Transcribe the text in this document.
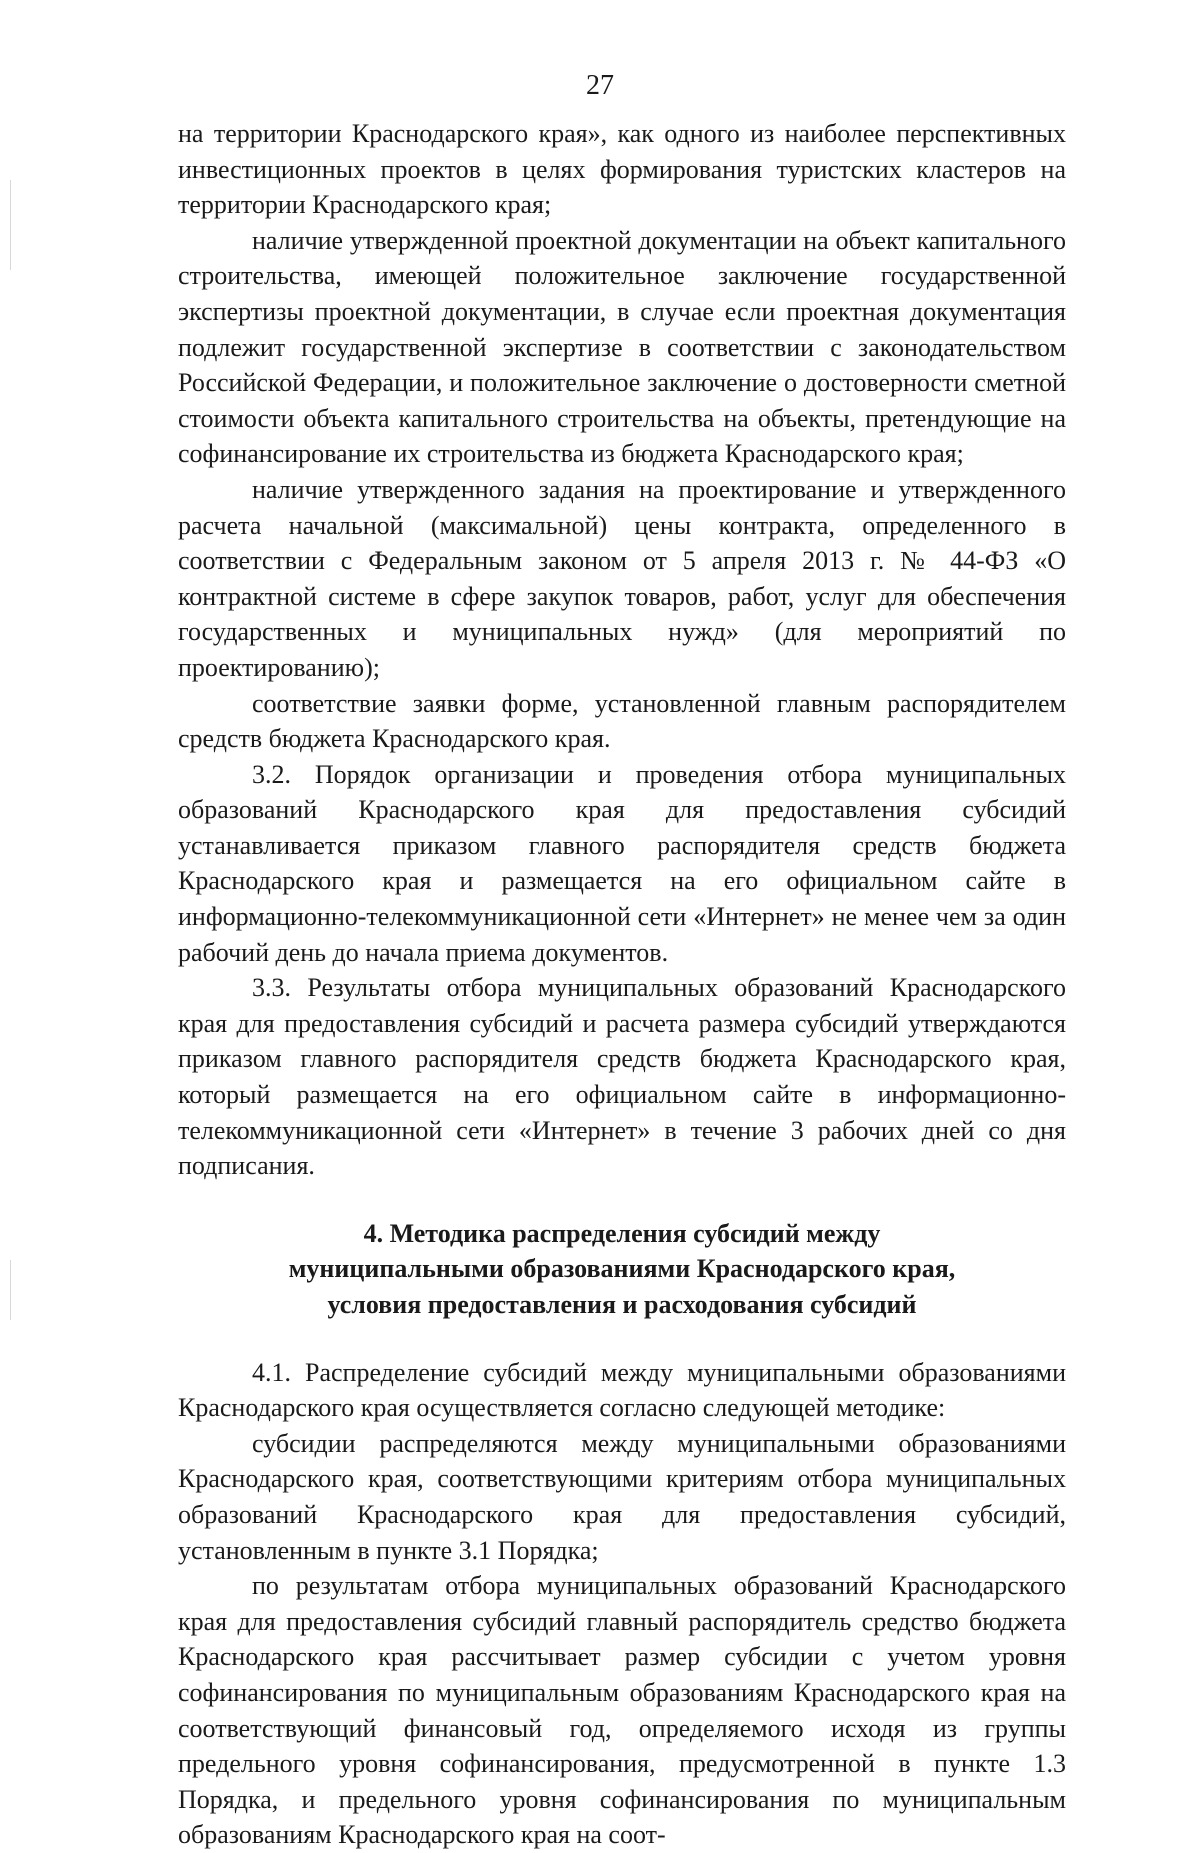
27

на территории Краснодарского края», как одного из наиболее перспективных инвестиционных проектов в целях формирования туристских кластеров на территории Краснодарского края;

наличие утвержденной проектной документации на объект капитального строительства, имеющей положительное заключение государственной экспертизы проектной документации, в случае если проектная документация подлежит государственной экспертизе в соответствии с законодательством Российской Федерации, и положительное заключение о достоверности сметной стоимости объекта капитального строительства на объекты, претендующие на софинансирование их строительства из бюджета Краснодарского края;

наличие утвержденного задания на проектирование и утвержденного расчета начальной (максимальной) цены контракта, определенного в соответствии с Федеральным законом от 5 апреля 2013 г. № 44-ФЗ «О контрактной системе в сфере закупок товаров, работ, услуг для обеспечения государственных и муниципальных нужд» (для мероприятий по проектированию);

соответствие заявки форме, установленной главным распорядителем средств бюджета Краснодарского края.

3.2. Порядок организации и проведения отбора муниципальных образований Краснодарского края для предоставления субсидий устанавливается приказом главного распорядителя средств бюджета Краснодарского края и размещается на его официальном сайте в информационно-телекоммуникационной сети «Интернет» не менее чем за один рабочий день до начала приема документов.

3.3. Результаты отбора муниципальных образований Краснодарского края для предоставления субсидий и расчета размера субсидий утверждаются приказом главного распорядителя средств бюджета Краснодарского края, который размещается на его официальном сайте в информационно-телекоммуникационной сети «Интернет» в течение 3 рабочих дней со дня подписания.

4. Методика распределения субсидий между
муниципальными образованиями Краснодарского края,
условия предоставления и расходования субсидий

4.1. Распределение субсидий между муниципальными образованиями Краснодарского края осуществляется согласно следующей методике:

субсидии распределяются между муниципальными образованиями Краснодарского края, соответствующими критериям отбора муниципальных образований Краснодарского края для предоставления субсидий, установленным в пункте 3.1 Порядка;

по результатам отбора муниципальных образований Краснодарского края для предоставления субсидий главный распорядитель средство бюджета Краснодарского края рассчитывает размер субсидии с учетом уровня софинансирования по муниципальным образованиям Краснодарского края на соответствующий финансовый год, определяемого исходя из группы предельного уровня софинансирования, предусмотренной в пункте 1.3 Порядка, и предельного уровня софинансирования по муниципальным образованиям Краснодарского края на соот-
